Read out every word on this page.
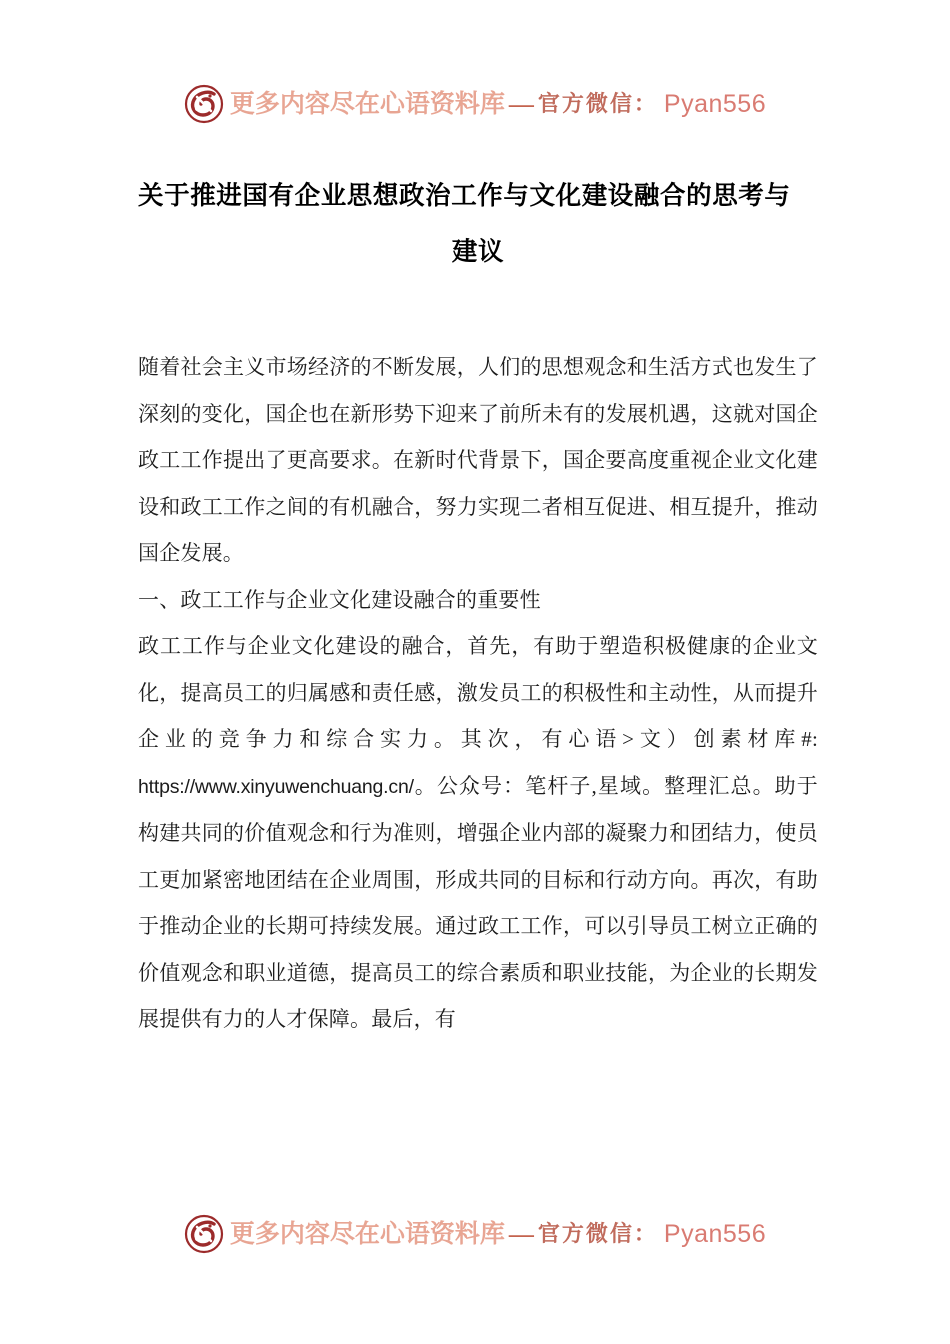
更多内容尽在心语资料库 — 官方微信： Pyan556
关于推进国有企业思想政治工作与文化建设融合的思考与
建议

随着社会主义市场经济的不断发展，人们的思想观念和生活方式也发生了深刻的变化，国企也在新形势下迎来了前所未有的发展机遇，这就对国企政工工作提出了更高要求。在新时代背景下，国企要高度重视企业文化建设和政工工作之间的有机融合，努力实现二者相互促进、相互提升，推动国企发展。

一、政工工作与企业文化建设融合的重要性

政工工作与企业文化建设的融合，首先，有助于塑造积极健康的企业文化，提高员工的归属感和责任感，激发员工的积极性和主动性，从而提升企业的竞争力和综合实力。其次，有心语>文）创素材库#: https://www.xinyuwenchuang.cn/。公众号：笔杆子,星域。整理汇总。助于构建共同的价值观念和行为准则，增强企业内部的凝聚力和团结力，使员工更加紧密地团结在企业周围，形成共同的目标和行动方向。再次，有助于推动企业的长期可持续发展。通过政工工作，可以引导员工树立正确的价值观念和职业道德，提高员工的综合素质和职业技能，为企业的长期发展提供有力的人才保障。最后，有

更多内容尽在心语资料库 — 官方微信： Pyan556
